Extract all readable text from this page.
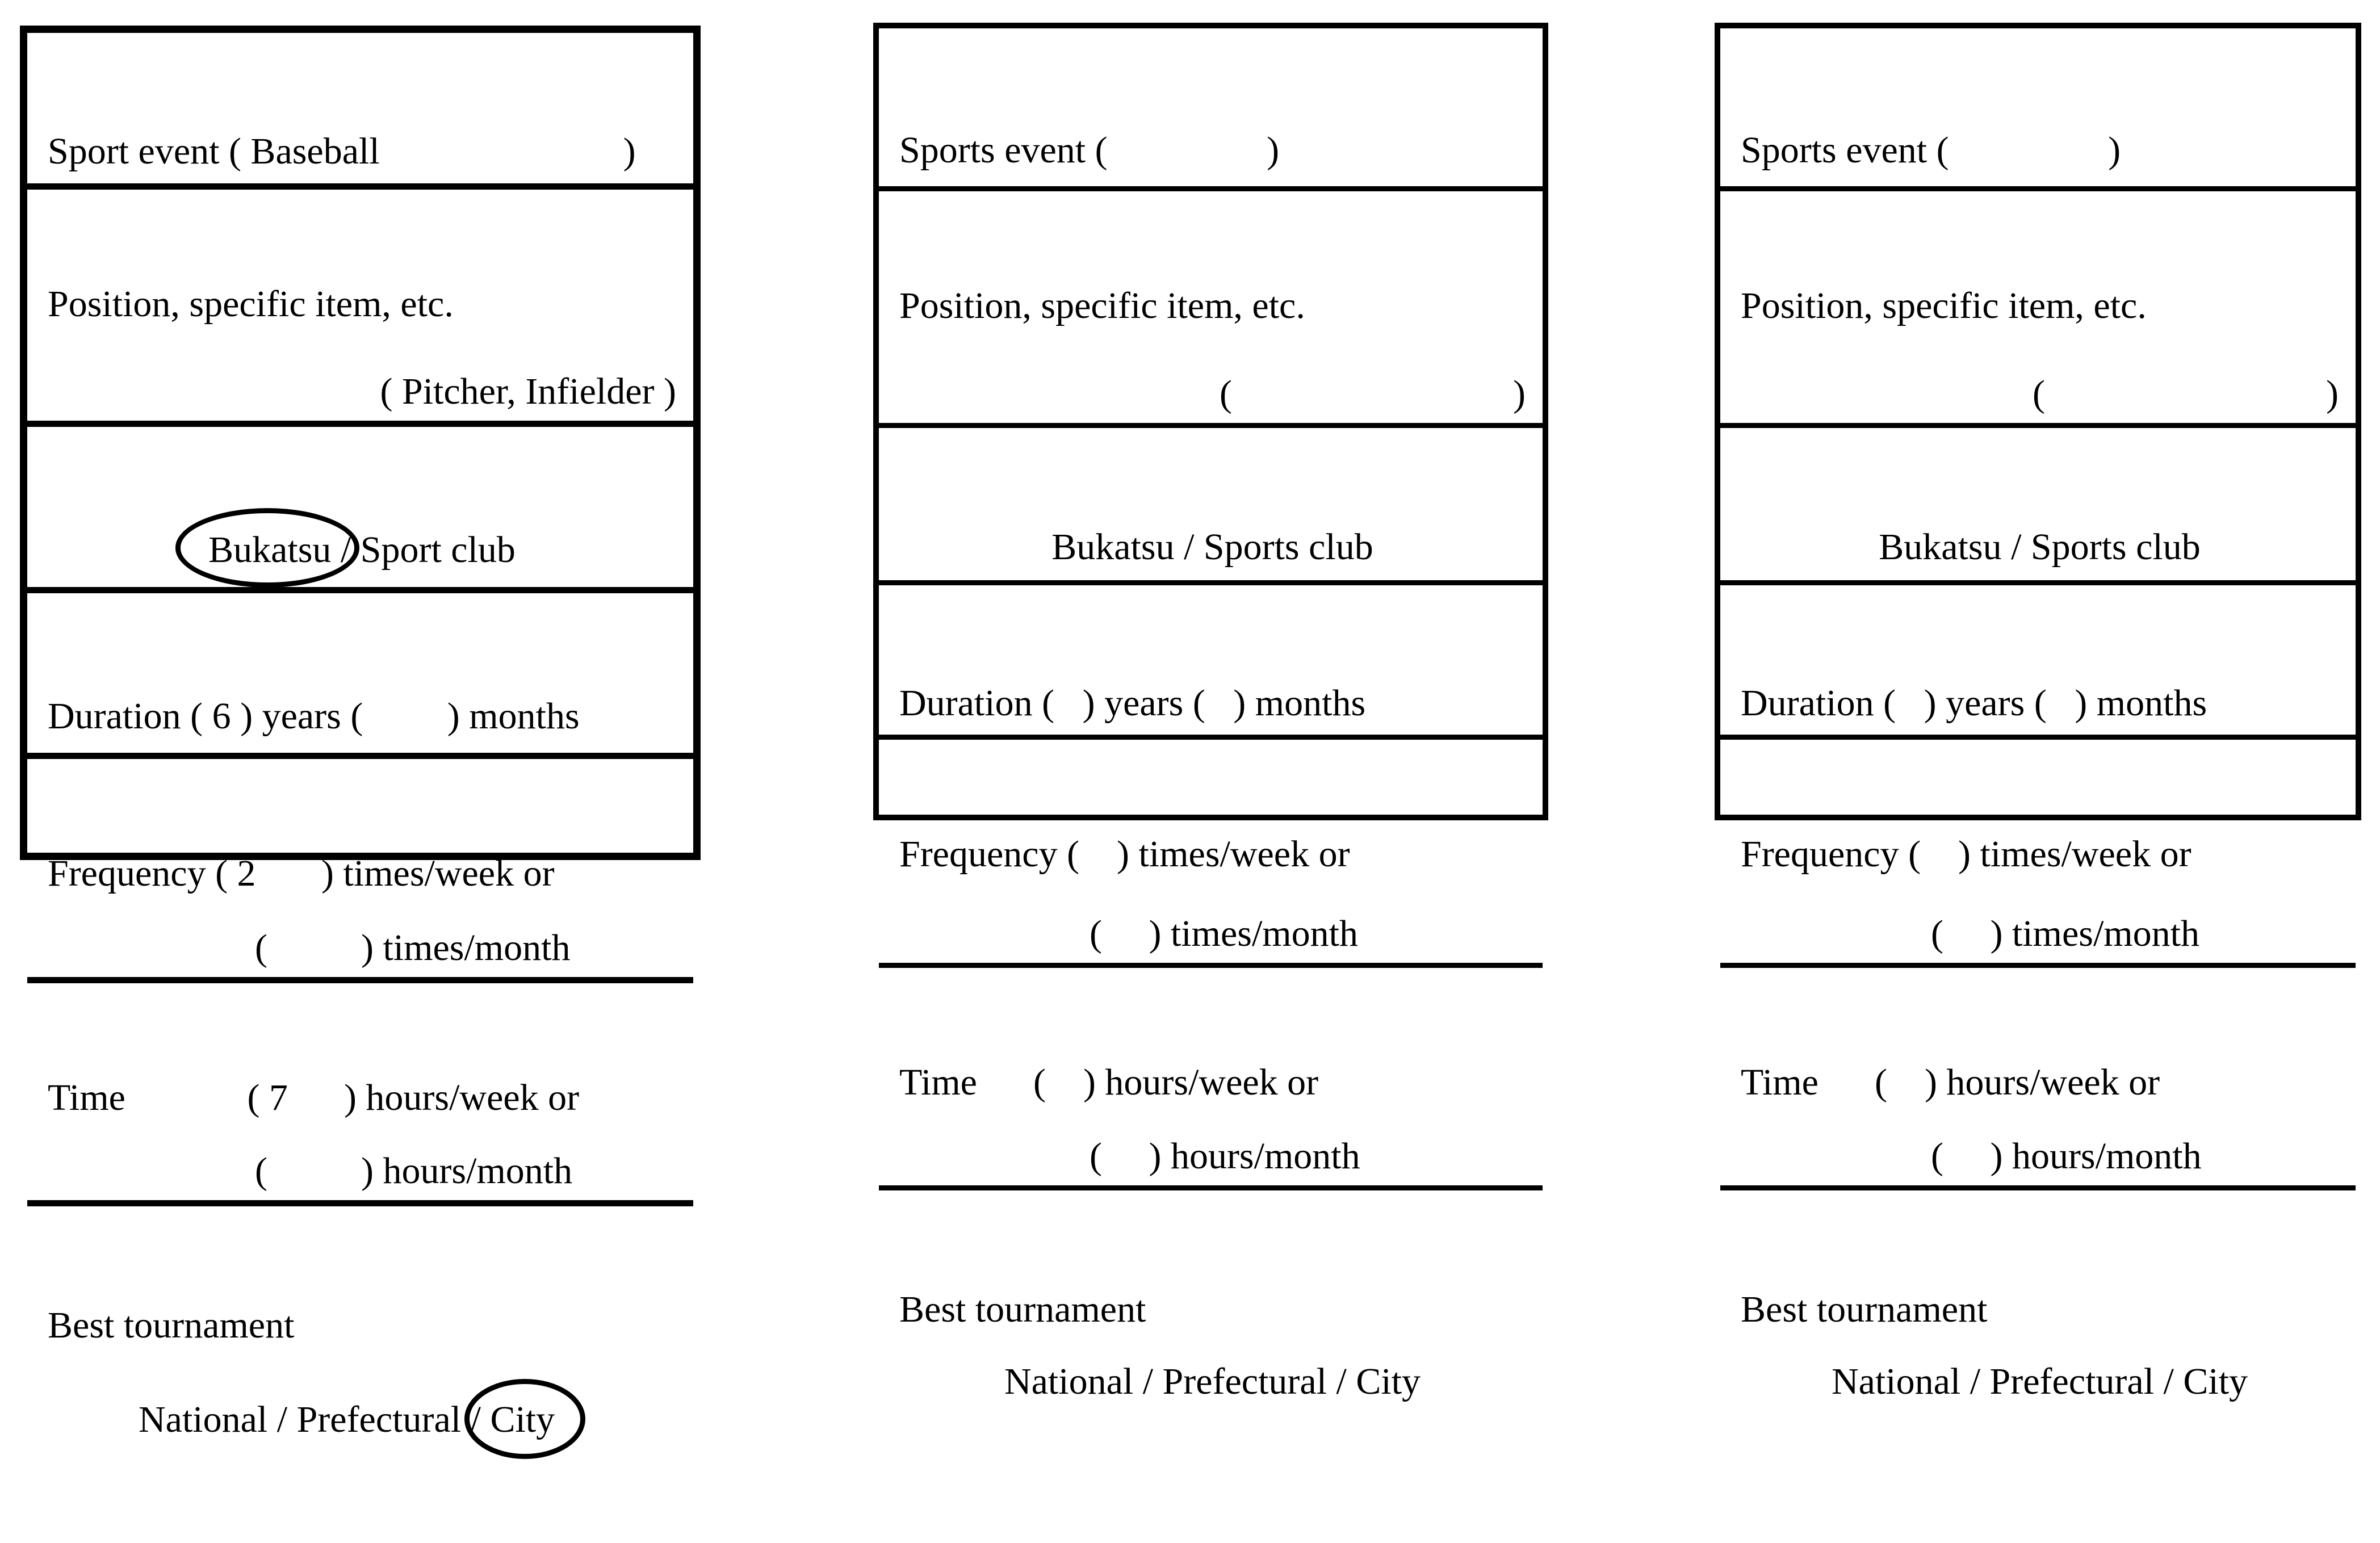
Sport event ( Baseball                          )

Position, specific item, etc.
( Pitcher, Infielder )

Bukatsu / Sport club

Duration ( 6 ) years (         ) months

Frequency ( 2       ) times/week or
(          ) times/month

Time             ( 7      ) hours/week or
(          ) hours/month

Best tournament
National / Prefectural /
City

Sports event (                 )

Position, specific item, etc.
(                              )

Bukatsu / Sports club

Duration (   ) years (   ) months

Frequency (    ) times/week or
(     ) times/month

Time      (    ) hours/week or
(     ) hours/month

Best tournament
National / Prefectural / City

Sports event (                 )

Position, specific item, etc.
(                              )

Bukatsu / Sports club

Duration (   ) years (   ) months

Frequency (    ) times/week or
(     ) times/month

Time      (    ) hours/week or
(     ) hours/month

Best tournament
National / Prefectural / City
